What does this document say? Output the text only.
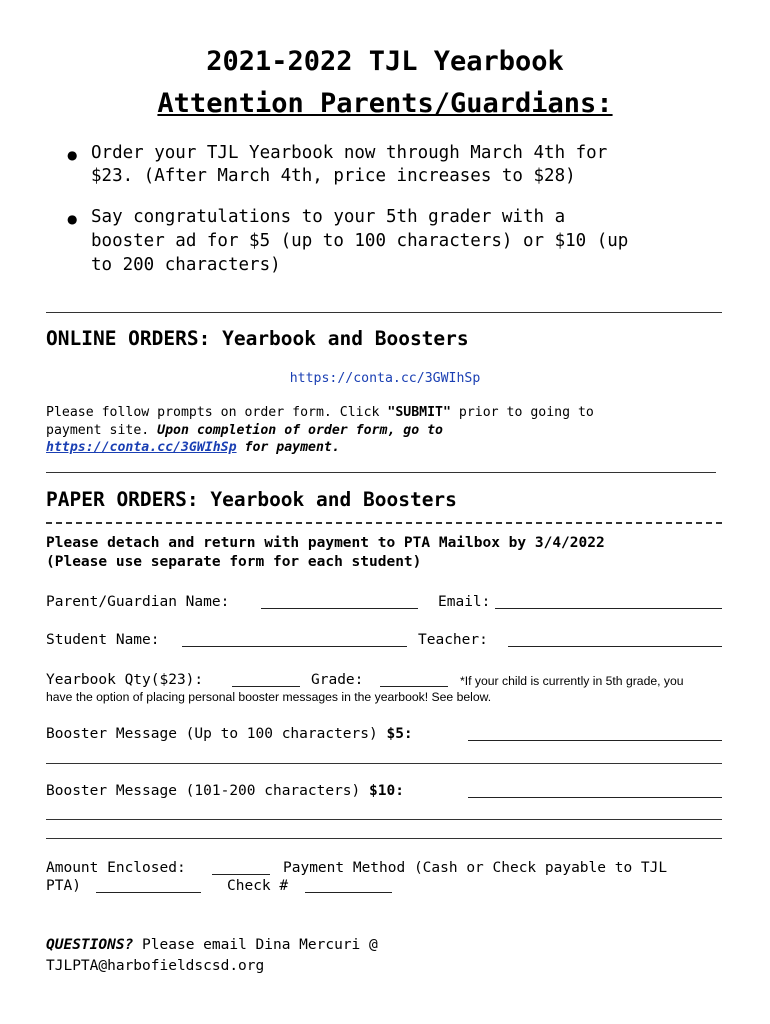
2021-2022 TJL Yearbook
Attention Parents/Guardians:
● Order your TJL Yearbook now through March 4th for
$23. (After March 4th, price increases to $28)
● Say congratulations to your 5th grader with a
booster ad for $5 (up to 100 characters) or $10 (up
to 200 characters)
ONLINE ORDERS: Yearbook and Boosters
https://conta.cc/3GWIhSp
Please follow prompts on order form. Click "SUBMIT" prior to going to
payment site. Upon completion of order form, go to
https://conta.cc/3GWIhSp for payment.
PAPER ORDERS: Yearbook and Boosters
Please detach and return with payment to PTA Mailbox by 3/4/2022
(Please use separate form for each student)
Parent/Guardian Name:	Email:
Student Name:	Teacher:
Yearbook Qty($23):	Grade:	*If your child is currently in 5th grade, you
have the option of placing personal booster messages in the yearbook! See below.
Booster Message (Up to 100 characters) $5:
Booster Message (101-200 characters) $10:
Amount Enclosed:	Payment Method (Cash or Check payable to TJL
PTA)	Check #
QUESTIONS? Please email Dina Mercuri @
TJLPTA@harbofieldscsd.org
